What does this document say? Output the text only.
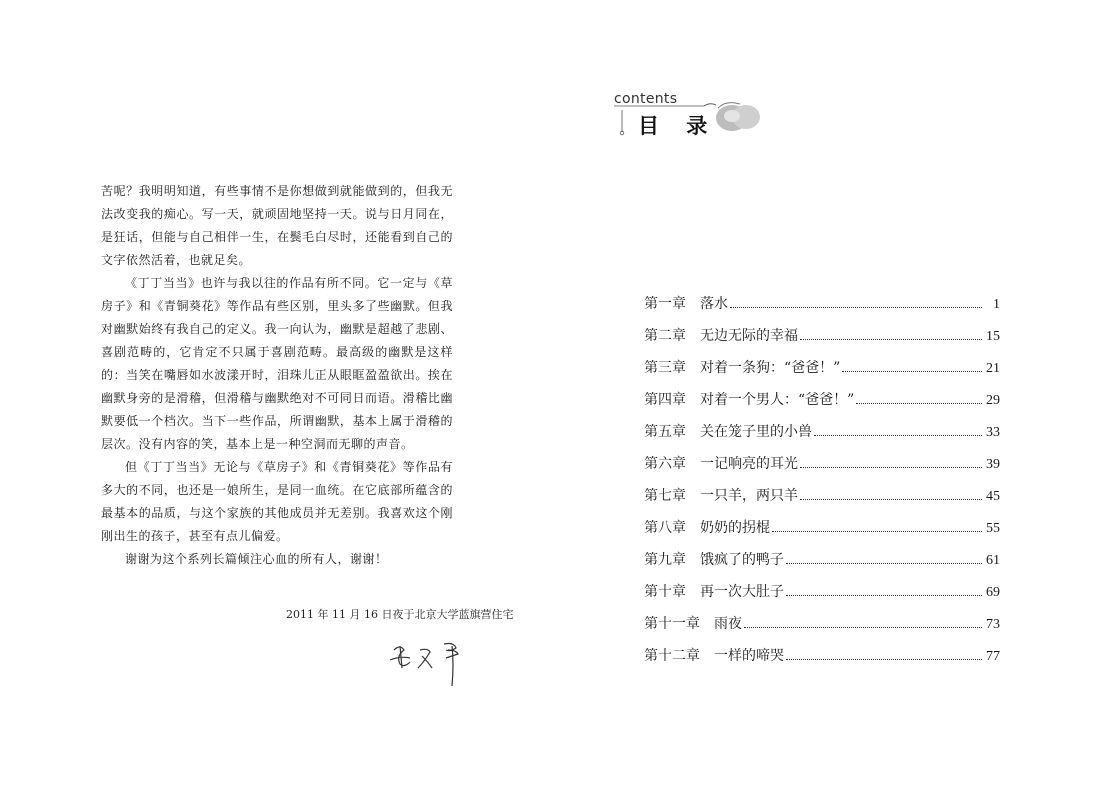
苦呢？我明明知道，有些事情不是你想做到就能做到的，但我无法改变我的痴心。写一天，就顽固地坚持一天。说与日月同在，是狂话，但能与自己相伴一生，在鬓毛白尽时，还能看到自己的文字依然活着，也就足矣。

《丁丁当当》也许与我以往的作品有所不同。它一定与《草房子》和《青铜葵花》等作品有些区别，里头多了些幽默。但我对幽默始终有我自己的定义。我一向认为，幽默是超越了悲剧、喜剧范畴的，它肯定不只属于喜剧范畴。最高级的幽默是这样的：当笑在嘴唇如水波漾开时，泪珠儿正从眼眶盈盈欲出。挨在幽默身旁的是滑稽，但滑稽与幽默绝对不可同日而语。滑稽比幽默要低一个档次。当下一些作品，所谓幽默，基本上属于滑稽的层次。没有内容的笑，基本上是一种空洞而无聊的声音。

但《丁丁当当》无论与《草房子》和《青铜葵花》等作品有多大的不同，也还是一娘所生，是同一血统。在它底部所蕴含的最基本的品质，与这个家族的其他成员并无差别。我喜欢这个刚刚出生的孩子，甚至有点儿偏爱。

谢谢为这个系列长篇倾注心血的所有人，谢谢！

2011 年 11 月 16 日夜于北京大学蓝旗营住宅
contents
目 录
第一章 落水	1
第二章 无边无际的幸福	15
第三章 对着一条狗：“爸爸！”	21
第四章 对着一个男人：“爸爸！”	29
第五章 关在笼子里的小兽	33
第六章 一记响亮的耳光	39
第七章 一只羊，两只羊	45
第八章 奶奶的拐棍	55
第九章 饿疯了的鸭子	61
第十章 再一次大肚子	69
第十一章 雨夜	73
第十二章 一样的啼哭	77
